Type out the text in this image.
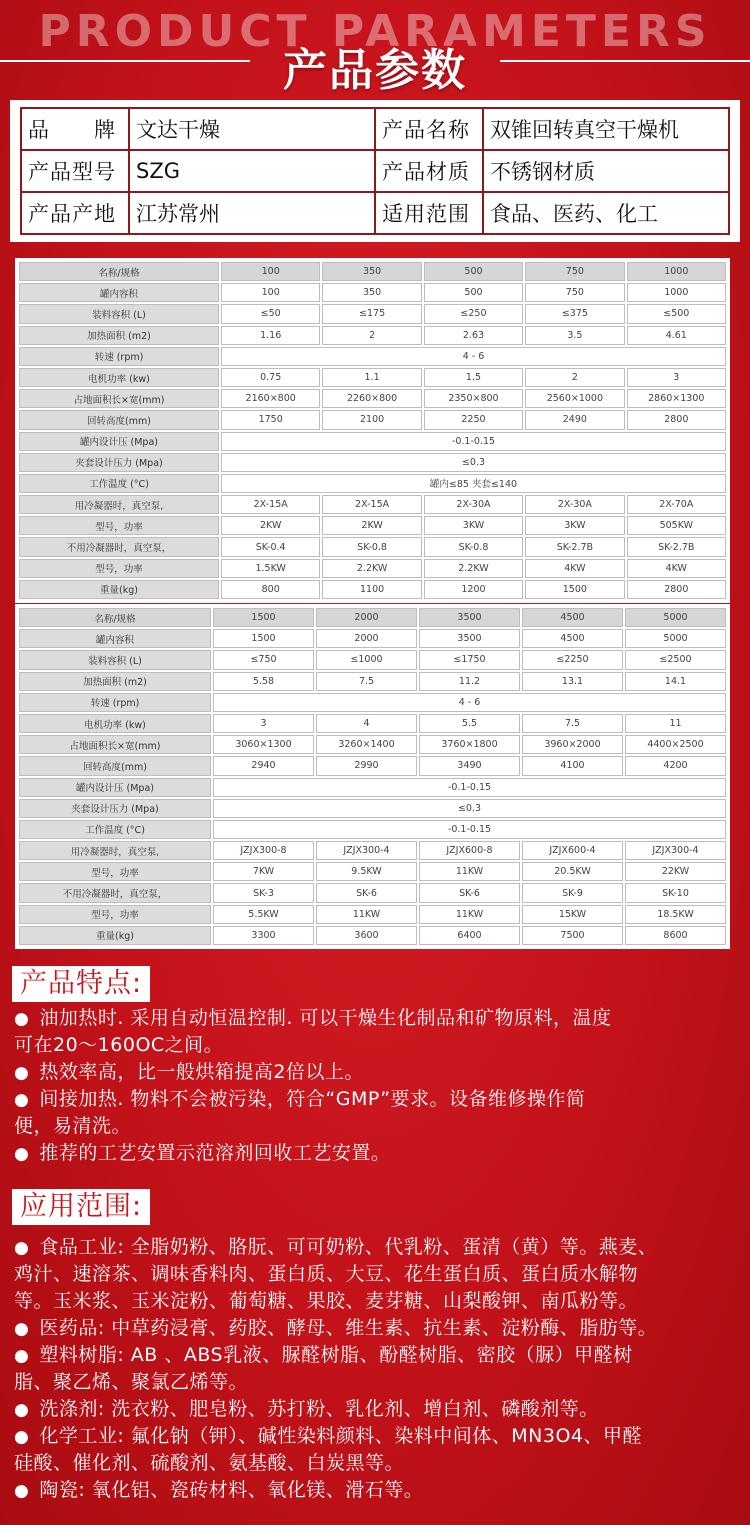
PRODUCT PARAMETERS
产品参数
品　　牌	文达干燥	产品名称	双锥回转真空干燥机
产品型号	SZG	产品材质	不锈钢材质
产品产地	江苏常州	适用范围	食品、医药、化工
名称/规格	100	350	500	750	1000
罐内容积	100	350	500	750	1000
装料容积 (L)	≤50	≤175	≤250	≤375	≤500
加热面积 (m2)	1.16	2	2.63	3.5	4.61
转速 (rpm)	4 - 6				
电机功率 (kw)	0.75	1.1	1.5	2	3
占地面积长×宽(mm)	2160×800	2260×800	2350×800	2560×1000	2860×1300
回转高度(mm)	1750	2100	2250	2490	2800
罐内设计压 (Mpa)	-0.1-0.15				
夹套设计压力 (Mpa)	≤0.3				
工作温度 (°C)	罐内≤85 夹套≤140				
用冷凝器时，真空泵,	2X-15A	2X-15A	2X-30A	2X-30A	2X-70A
型号，功率	2KW	2KW	3KW	3KW	505KW
不用冷凝器时，真空泵，	SK-0.4	SK-0.8	SK-0.8	SK-2.7B	SK-2.7B
型号，功率	1.5KW	2.2KW	2.2KW	4KW	4KW
重量(kg)	800	1100	1200	1500	2800
名称/规格	1500	2000	3500	4500	5000
罐内容积	1500	2000	3500	4500	5000
装料容积 (L)	≤750	≤1000	≤1750	≤2250	≤2500
加热面积 (m2)	5.58	7.5	11.2	13.1	14.1
转速 (rpm)	4 - 6				
电机功率 (kw)	3	4	5.5	7.5	11
占地面积长×宽(mm)	3060×1300	3260×1400	3760×1800	3960×2000	4400×2500
回转高度(mm)	2940	2990	3490	4100	4200
罐内设计压 (Mpa)	-0.1-0.15				
夹套设计压力 (Mpa)	≤0.3				
工作温度 (°C)	-0.1-0.15				
用冷凝器时，真空泵,	JZJX300-8	JZJX300-4	JZJX600-8	JZJX600-4	JZJX300-4
型号，功率	7KW	9.5KW	11KW	20.5KW	22KW
不用冷凝器时，真空泵，	SK-3	SK-6	SK-6	SK-9	SK-10
型号，功率	5.5KW	11KW	11KW	15KW	18.5KW
重量(kg)	3300	3600	6400	7500	8600
产品特点:
● 油加热时. 采用自动恒温控制. 可以干燥生化制品和矿物原料，温度
可在20～160OC之间。
● 热效率高，比一般烘箱提高2倍以上。
● 间接加热. 物料不会被污染，符合“GMP”要求。设备维修操作简
便，易清洗。
● 推荐的工艺安置示范溶剂回收工艺安置。
应用范围:
● 食品工业: 全脂奶粉、胳朊、可可奶粉、代乳粉、蛋清（黄）等。燕麦、
鸡汁、速溶茶、调味香料肉、蛋白质、大豆、花生蛋白质、蛋白质水解物
等。玉米浆、玉米淀粉、葡萄糖、果胶、麦芽糖、山梨酸钾、南瓜粉等。
● 医药品: 中草药浸膏、药胶、酵母、维生素、抗生素、淀粉酶、脂肪等。
● 塑料树脂: AB 、ABS乳液、脲醛树脂、酚醛树脂、密胶（脲）甲醛树
脂、聚乙烯、聚氯乙烯等。
● 洗涤剂: 洗衣粉、肥皂粉、苏打粉、乳化剂、增白剂、磷酸剂等。
● 化学工业: 氟化钠（钾）、碱性染料颜料、染料中间体、MN3O4、甲醛
硅酸、催化剂、硫酸剂、氨基酸、白炭黑等。
● 陶瓷: 氧化铝、瓷砖材料、氧化镁、滑石等。
